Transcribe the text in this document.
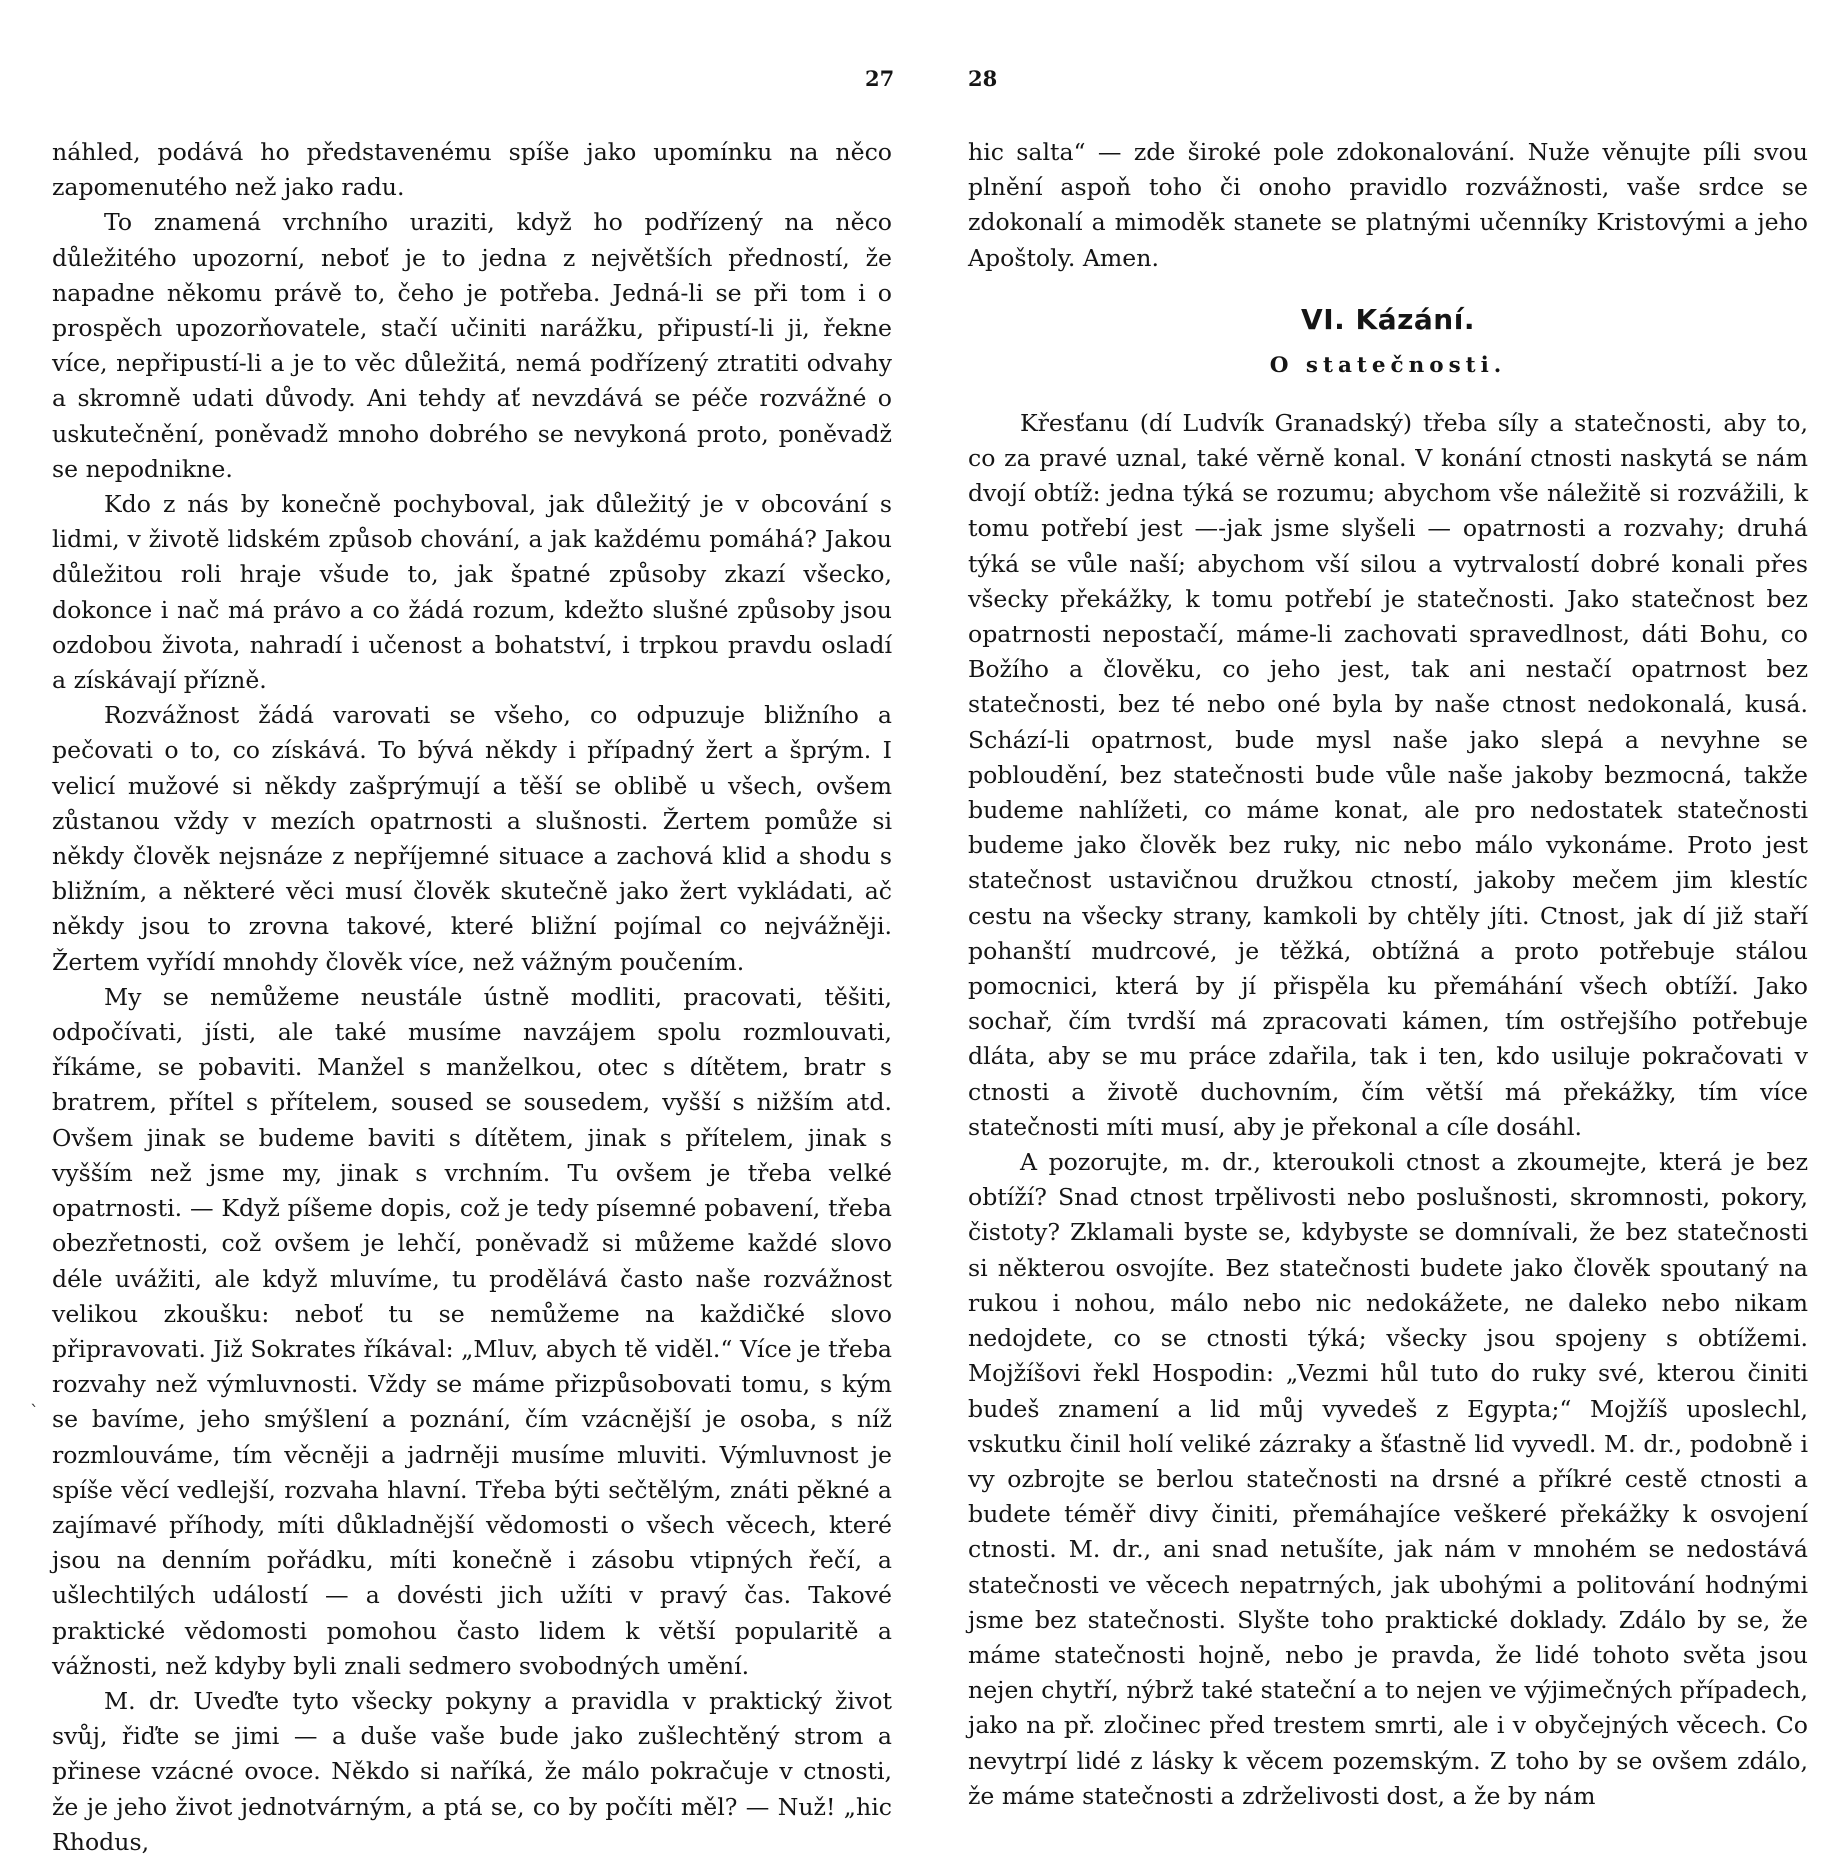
27

náhled, podává ho představenému spíše jako upomínku na něco zapomenutého než jako radu.

To znamená vrchního uraziti, když ho podřízený na něco důležitého upozorní, neboť je to jedna z největších předností, že napadne někomu právě to, čeho je potřeba. Jedná-li se při tom i o prospěch upozorňovatele, stačí učiniti narážku, připustí-li ji, řekne více, nepřipustí-li a je to věc důležitá, nemá podřízený ztratiti odvahy a skromně udati důvody. Ani tehdy ať nevzdává se péče rozvážné o uskutečnění, poněvadž mnoho dobrého se nevykoná proto, poněvadž se nepodnikne.

Kdo z nás by konečně pochyboval, jak důležitý je v obcování s lidmi, v životě lidském způsob chování, a jak každému pomáhá? Jakou důležitou roli hraje všude to, jak špatné způsoby zkazí všecko, dokonce i nač má právo a co žádá rozum, kdežto slušné způsoby jsou ozdobou života, nahradí i učenost a bohatství, i trpkou pravdu osladí a získávají přízně.

Rozvážnost žádá varovati se všeho, co odpuzuje bližního a pečovati o to, co získává. To bývá někdy i případný žert a šprým. I velicí mužové si někdy zašprýmují a těší se oblibě u všech, ovšem zůstanou vždy v mezích opatrnosti a slušnosti. Žertem pomůže si někdy člověk nejsnáze z nepříjemné situace a zachová klid a shodu s bližním, a některé věci musí člověk skutečně jako žert vykládati, ač někdy jsou to zrovna takové, které bližní pojímal co nejvážněji. Žertem vyřídí mnohdy člověk více, než vážným poučením.

My se nemůžeme neustále ústně modliti, pracovati, těšiti, odpočívati, jísti, ale také musíme navzájem spolu rozmlouvati, říkáme, se pobaviti. Manžel s manželkou, otec s dítětem, bratr s bratrem, přítel s přítelem, soused se sousedem, vyšší s nižším atd. Ovšem jinak se budeme baviti s dítětem, jinak s přítelem, jinak s vyšším než jsme my, jinak s vrchním. Tu ovšem je třeba velké opatrnosti. — Když píšeme dopis, což je tedy písemné pobavení, třeba obezřetnosti, což ovšem je lehčí, poněvadž si můžeme každé slovo déle uvážiti, ale když mluvíme, tu prodělává často naše rozvážnost velikou zkoušku: neboť tu se nemůžeme na každičké slovo připravovati. Již Sokrates říkával: „Mluv, abych tě viděl.“ Více je třeba rozvahy než výmluvnosti. Vždy se máme přizpůsobovati tomu, s kým se bavíme, jeho smýšlení a poznání, čím vzácnější je osoba, s níž rozmlouváme, tím věcněji a jadrněji musíme mluviti. Výmluvnost je spíše věcí vedlejší, rozvaha hlavní. Třeba býti sečtělým, znáti pěkné a zajímavé příhody, míti důkladnější vědomosti o všech věcech, které jsou na denním pořádku, míti konečně i zásobu vtipných řečí, a ušlechtilých událostí — a dovésti jich užíti v pravý čas. Takové praktické vědomosti pomohou často lidem k větší popularitě a vážnosti, než kdyby byli znali sedmero svobodných umění.

M. dr. Uveďte tyto všecky pokyny a pravidla v praktický život svůj, řiďte se jimi — a duše vaše bude jako zušlechtěný strom a přinese vzácné ovoce. Někdo si naříká, že málo pokračuje v ctnosti, že je jeho život jednotvárným, a ptá se, co by počíti měl? — Nuž! „hic Rhodus,

`
28

hic salta“ — zde široké pole zdokonalování. Nuže věnujte píli svou plnění aspoň toho či onoho pravidlo rozvážnosti, vaše srdce se zdokonalí a mimoděk stanete se platnými učenníky Kristovými a jeho Apoštoly. Amen.

VI. Kázání.
O statečnosti.

Křesťanu (dí Ludvík Granadský) třeba síly a statečnosti, aby to, co za pravé uznal, také věrně konal. V konání ctnosti naskytá se nám dvojí obtíž: jedna týká se rozumu; abychom vše náležitě si rozvážili, k tomu potřebí jest —-jak jsme slyšeli — opatrnosti a rozvahy; druhá týká se vůle naší; abychom vší silou a vytrvalostí dobré konali přes všecky překážky, k tomu potřebí je statečnosti. Jako statečnost bez opatrnosti nepostačí, máme-li zachovati spravedlnost, dáti Bohu, co Božího a člověku, co jeho jest, tak ani nestačí opatrnost bez statečnosti, bez té nebo oné byla by naše ctnost nedokonalá, kusá. Schází-li opatrnost, bude mysl naše jako slepá a nevyhne se pobloudění, bez statečnosti bude vůle naše jakoby bezmocná, takže budeme nahlížeti, co máme konat, ale pro nedostatek statečnosti budeme jako člověk bez ruky, nic nebo málo vykonáme. Proto jest statečnost ustavičnou družkou ctností, jakoby mečem jim klestíc cestu na všecky strany, kamkoli by chtěly jíti. Ctnost, jak dí již staří pohanští mudrcové, je těžká, obtížná a proto potřebuje stálou pomocnici, která by jí přispěla ku přemáhání všech obtíží. Jako sochař, čím tvrdší má zpracovati kámen, tím ostřejšího potřebuje dláta, aby se mu práce zdařila, tak i ten, kdo usiluje pokračovati v ctnosti a životě duchovním, čím větší má překážky, tím více statečnosti míti musí, aby je překonal a cíle dosáhl.

A pozorujte, m. dr., kteroukoli ctnost a zkoumejte, která je bez obtíží? Snad ctnost trpělivosti nebo poslušnosti, skromnosti, pokory, čistoty? Zklamali byste se, kdybyste se domnívali, že bez statečnosti si některou osvojíte. Bez statečnosti budete jako člověk spoutaný na rukou i nohou, málo nebo nic nedokážete, ne daleko nebo nikam nedojdete, co se ctnosti týká; všecky jsou spojeny s obtížemi. Mojžíšovi řekl Hospodin: „Vezmi hůl tuto do ruky své, kterou činiti budeš znamení a lid můj vyvedeš z Egypta;“ Mojžíš uposlechl, vskutku činil holí veliké zázraky a šťastně lid vyvedl. M. dr., podobně i vy ozbrojte se berlou statečnosti na drsné a příkré cestě ctnosti a budete téměř divy činiti, přemáhajíce veškeré překážky k osvojení ctnosti. M. dr., ani snad netušíte, jak nám v mnohém se nedostává statečnosti ve věcech nepatrných, jak ubohými a politování hodnými jsme bez statečnosti. Slyšte toho praktické doklady. Zdálo by se, že máme statečnosti hojně, nebo je pravda, že lidé tohoto světa jsou nejen chytří, nýbrž také stateční a to nejen ve výjimečných případech, jako na př. zločinec před trestem smrti, ale i v obyčejných věcech. Co nevytrpí lidé z lásky k věcem pozemským. Z toho by se ovšem zdálo, že máme statečnosti a zdrželivosti dost, a že by nám
